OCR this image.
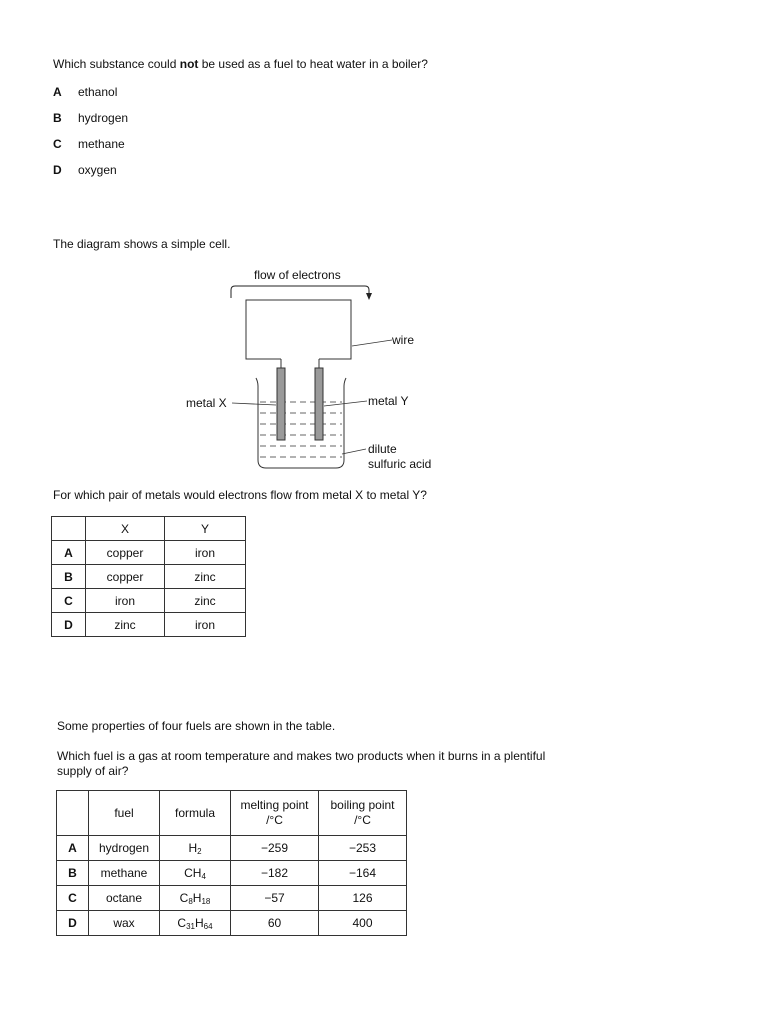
Which substance could not be used as a fuel to heat water in a boiler?
A ethanol
B hydrogen
C methane
D oxygen
The diagram shows a simple cell.
flow of electrons
wire
metal X	metal Y
dilute
sulfuric acid
For which pair of metals would electrons flow from metal X to metal Y?
	X	Y
A	copper	iron
B	copper	zinc
C	iron	zinc
D	zinc	iron
Some properties of four fuels are shown in the table.
Which fuel is a gas at room temperature and makes two products when it burns in a plentiful
supply of air?
	fuel	formula	melting point
/°C	boiling point
/°C
A	hydrogen	$H_2$	−259	−253
B	methane	$CH_4$	−182	−164
C	octane	$C_8H_{18}$	−57	126
D	wax	$C_{31}H_{64}$	60	400
